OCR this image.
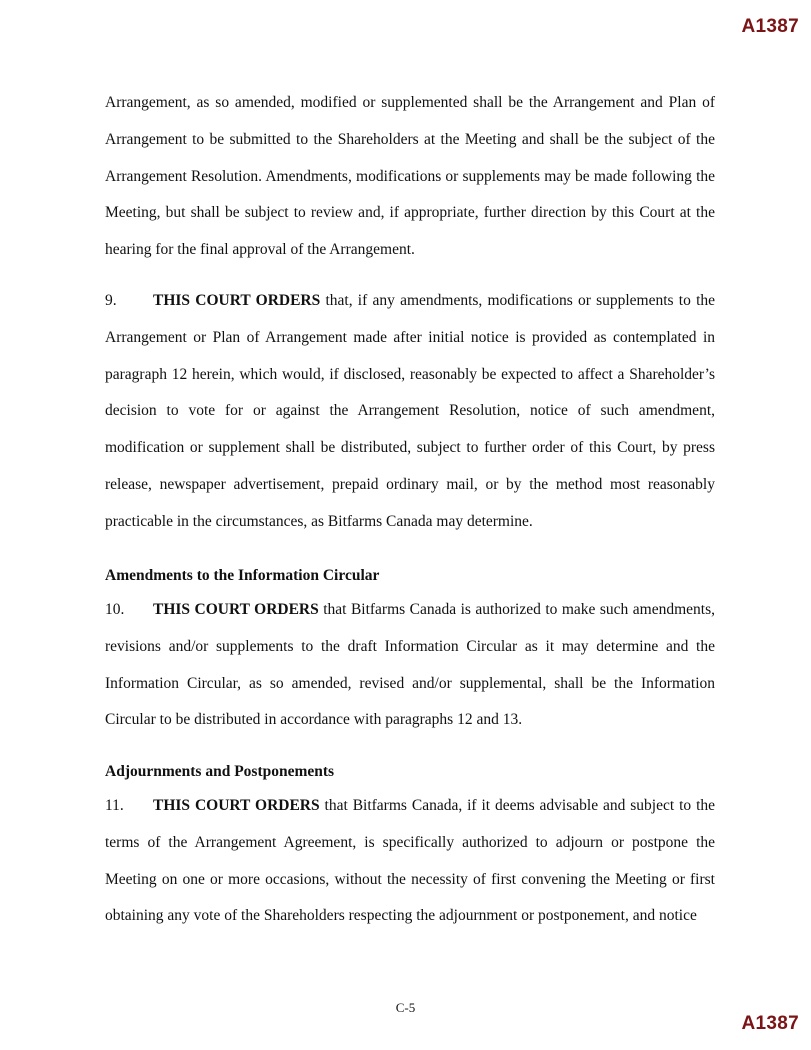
A1387

Arrangement, as so amended, modified or supplemented shall be the Arrangement and Plan of Arrangement to be submitted to the Shareholders at the Meeting and shall be the subject of the Arrangement Resolution. Amendments, modifications or supplements may be made following the Meeting, but shall be subject to review and, if appropriate, further direction by this Court at the hearing for the final approval of the Arrangement.

9. THIS COURT ORDERS that, if any amendments, modifications or supplements to the Arrangement or Plan of Arrangement made after initial notice is provided as contemplated in paragraph 12 herein, which would, if disclosed, reasonably be expected to affect a Shareholder’s decision to vote for or against the Arrangement Resolution, notice of such amendment, modification or supplement shall be distributed, subject to further order of this Court, by press release, newspaper advertisement, prepaid ordinary mail, or by the method most reasonably practicable in the circumstances, as Bitfarms Canada may determine.

Amendments to the Information Circular

10. THIS COURT ORDERS that Bitfarms Canada is authorized to make such amendments, revisions and/or supplements to the draft Information Circular as it may determine and the Information Circular, as so amended, revised and/or supplemental, shall be the Information Circular to be distributed in accordance with paragraphs 12 and 13.

Adjournments and Postponements

11. THIS COURT ORDERS that Bitfarms Canada, if it deems advisable and subject to the terms of the Arrangement Agreement, is specifically authorized to adjourn or postpone the Meeting on one or more occasions, without the necessity of first convening the Meeting or first obtaining any vote of the Shareholders respecting the adjournment or postponement, and notice

C-5
A1387
